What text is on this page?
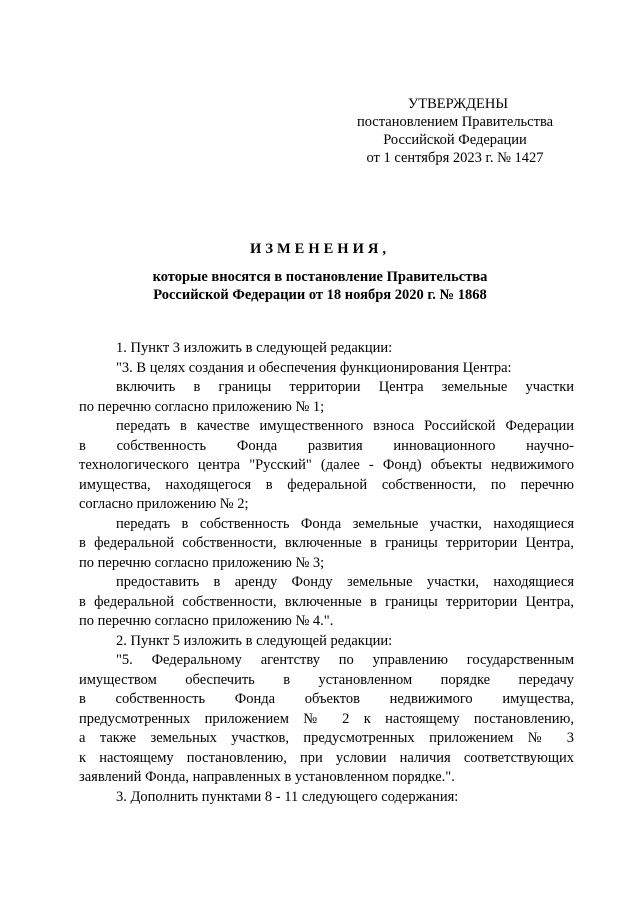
УТВЕРЖДЕНЫ
постановлением Правительства
Российской Федерации
от 1 сентября 2023 г. № 1427
ИЗМЕНЕНИЯ,
которые вносятся в постановление Правительства
Российской Федерации от 18 ноября 2020 г. № 1868
1. Пункт 3 изложить в следующей редакции:
"3. В целях создания и обеспечения функционирования Центра:
включить в границы территории Центра земельные участки
по перечню согласно приложению № 1;
передать в качестве имущественного взноса Российской Федерации
в собственность Фонда развития инновационного научно-
технологического центра "Русский" (далее - Фонд) объекты недвижимого
имущества, находящегося в федеральной собственности, по перечню
согласно приложению № 2;
передать в собственность Фонда земельные участки, находящиеся
в федеральной собственности, включенные в границы территории Центра,
по перечню согласно приложению № 3;
предоставить в аренду Фонду земельные участки, находящиеся
в федеральной собственности, включенные в границы территории Центра,
по перечню согласно приложению № 4.".
2. Пункт 5 изложить в следующей редакции:
"5. Федеральному агентству по управлению государственным
имуществом обеспечить в установленном порядке передачу
в собственность Фонда объектов недвижимого имущества,
предусмотренных приложением № 2 к настоящему постановлению,
а также земельных участков, предусмотренных приложением № 3
к настоящему постановлению, при условии наличия соответствующих
заявлений Фонда, направленных в установленном порядке.".
3. Дополнить пунктами 8 - 11 следующего содержания:
